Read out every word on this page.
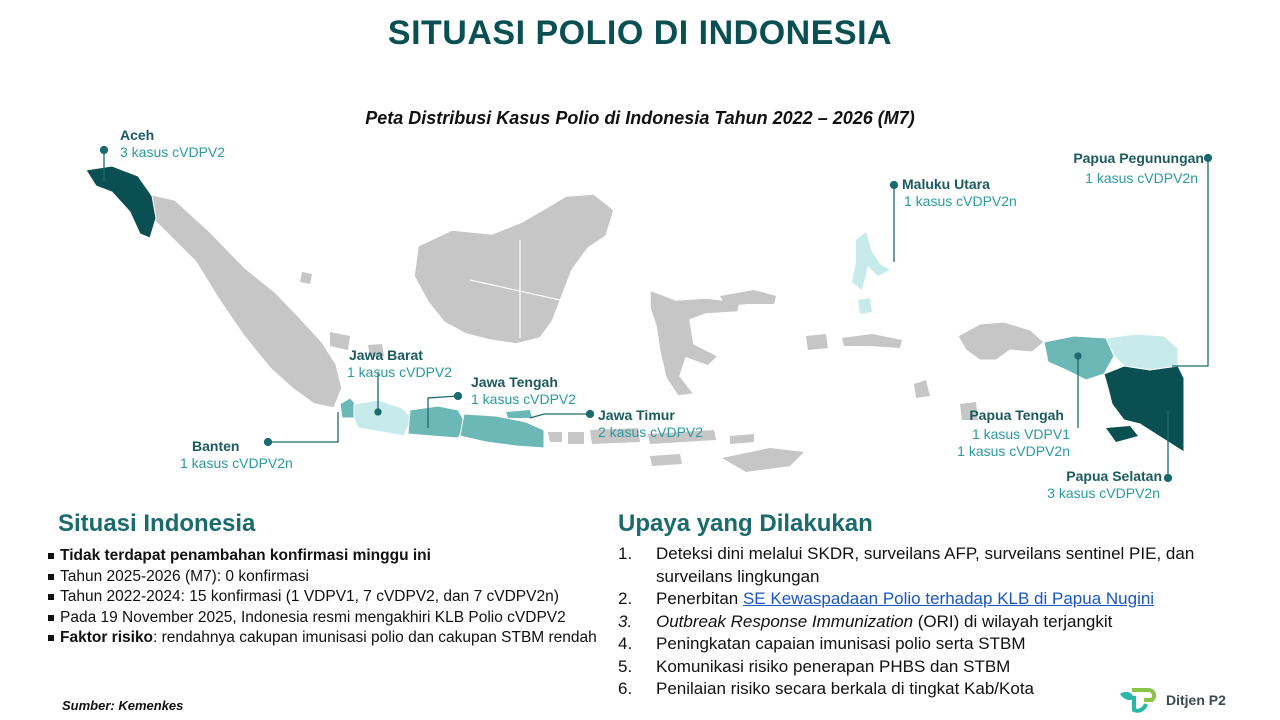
SITUASI POLIO DI INDONESIA
Peta Distribusi Kasus Polio di Indonesia Tahun 2022 – 2026 (M7)
Aceh
3 kasus cVDPV2
Jawa Barat
1 kasus cVDPV2
Jawa Tengah
1 kasus cVDPV2
Jawa Timur
2 kasus cVDPV2
Banten
1 kasus cVDPV2n
Maluku Utara
1 kasus cVDPV2n
Papua Pegunungan
1 kasus cVDPV2n
Papua Tengah
1 kasus VDPV1
1 kasus cVDPV2n
Papua Selatan
3 kasus cVDPV2n
Situasi Indonesia
Tidak terdapat penambahan konfirmasi minggu ini
Tahun 2025-2026 (M7): 0 konfirmasi
Tahun 2022-2024: 15 konfirmasi (1 VDPV1, 7 cVDPV2, dan 7 cVDPV2n)
Pada 19 November 2025, Indonesia resmi mengakhiri KLB Polio cVDPV2
Faktor risiko: rendahnya cakupan imunisasi polio dan cakupan STBM rendah
Upaya yang Dilakukan
1.	Deteksi dini melalui SKDR, surveilans AFP, surveilans sentinel PIE, dan surveilans lingkungan
2.	Penerbitan SE Kewaspadaan Polio terhadap KLB di Papua Nugini
3.	Outbreak Response Immunization (ORI) di wilayah terjangkit
4.	Peningkatan capaian imunisasi polio serta STBM
5.	Komunikasi risiko penerapan PHBS dan STBM
6.	Penilaian risiko secara berkala di tingkat Kab/Kota
Sumber: Kemenkes	Ditjen P2
